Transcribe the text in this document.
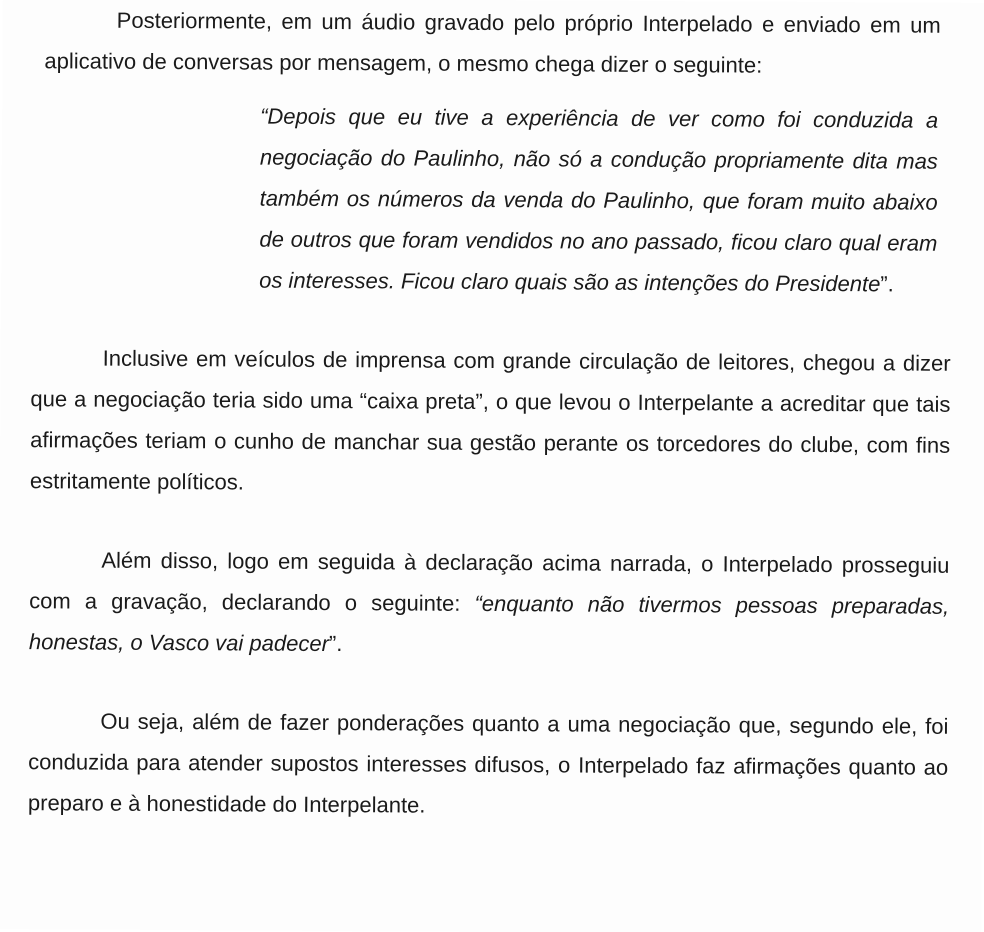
Posteriormente, em um áudio gravado pelo próprio Interpelado e enviado em um aplicativo de conversas por mensagem, o mesmo chega dizer o seguinte:

“Depois que eu tive a experiência de ver como foi conduzida a negociação do Paulinho, não só a condução propriamente dita mas também os números da venda do Paulinho, que foram muito abaixo de outros que foram vendidos no ano passado, ficou claro qual eram os interesses. Ficou claro quais são as intenções do Presidente”.

Inclusive em veículos de imprensa com grande circulação de leitores, chegou a dizer que a negociação teria sido uma “caixa preta”, o que levou o Interpelante a acreditar que tais afirmações teriam o cunho de manchar sua gestão perante os torcedores do clube, com fins estritamente políticos.

Além disso, logo em seguida à declaração acima narrada, o Interpelado prosseguiu com a gravação, declarando o seguinte: “enquanto não tivermos pessoas preparadas, honestas, o Vasco vai padecer”.

Ou seja, além de fazer ponderações quanto a uma negociação que, segundo ele, foi conduzida para atender supostos interesses difusos, o Interpelado faz afirmações quanto ao preparo e à honestidade do Interpelante.
